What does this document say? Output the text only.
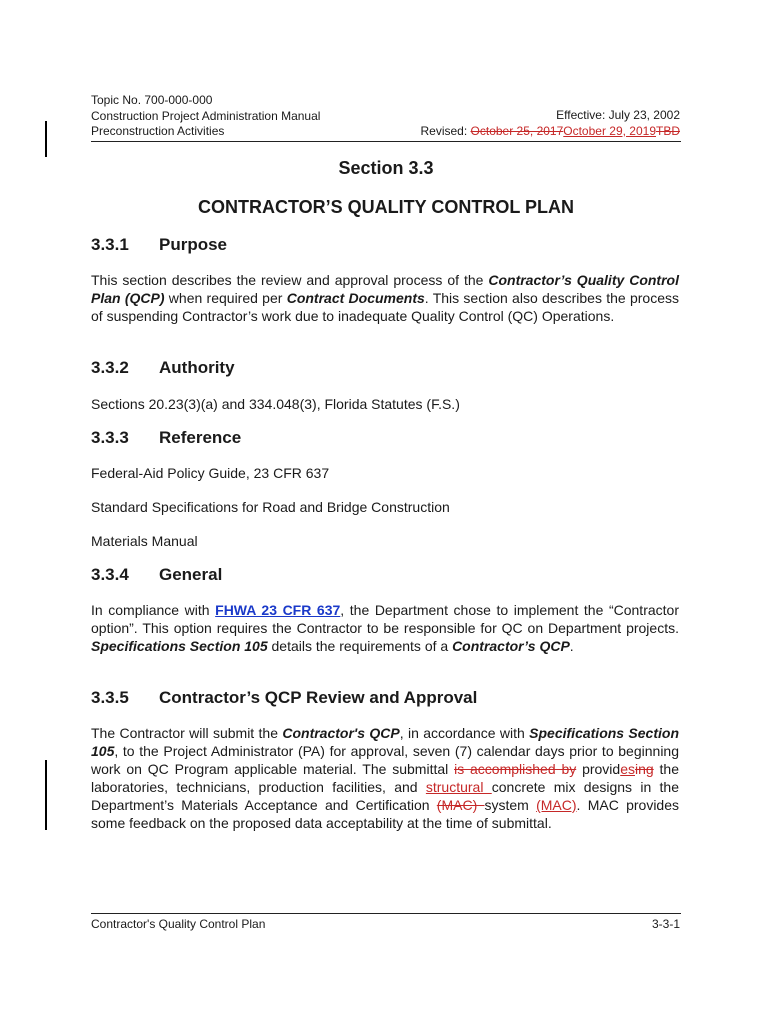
Topic No. 700-000-000
Construction Project Administration Manual
Preconstruction Activities
Effective: July 23, 2002
Revised: October 25, 2017October 29, 2019TBD
Section 3.3
CONTRACTOR’S QUALITY CONTROL PLAN
3.3.1 Purpose
This section describes the review and approval process of the Contractor’s Quality Control Plan (QCP) when required per Contract Documents. This section also describes the process of suspending Contractor’s work due to inadequate Quality Control (QC) Operations.
3.3.2 Authority
Sections 20.23(3)(a) and 334.048(3), Florida Statutes (F.S.)
3.3.3 Reference
Federal-Aid Policy Guide, 23 CFR 637
Standard Specifications for Road and Bridge Construction
Materials Manual
3.3.4 General
In compliance with FHWA 23 CFR 637, the Department chose to implement the “Contractor option”. This option requires the Contractor to be responsible for QC on Department projects. Specifications Section 105 details the requirements of a Contractor’s QCP.
3.3.5 Contractor’s QCP Review and Approval
The Contractor will submit the Contractor's QCP, in accordance with Specifications Section 105, to the Project Administrator (PA) for approval, seven (7) calendar days prior to beginning work on QC Program applicable material. The submittal is accomplished by providesing the laboratories, technicians, production facilities, and structural concrete mix designs in the Department’s Materials Acceptance and Certification (MAC) system (MAC). MAC provides some feedback on the proposed data acceptability at the time of submittal.
Contractor's Quality Control Plan	3-3-1
